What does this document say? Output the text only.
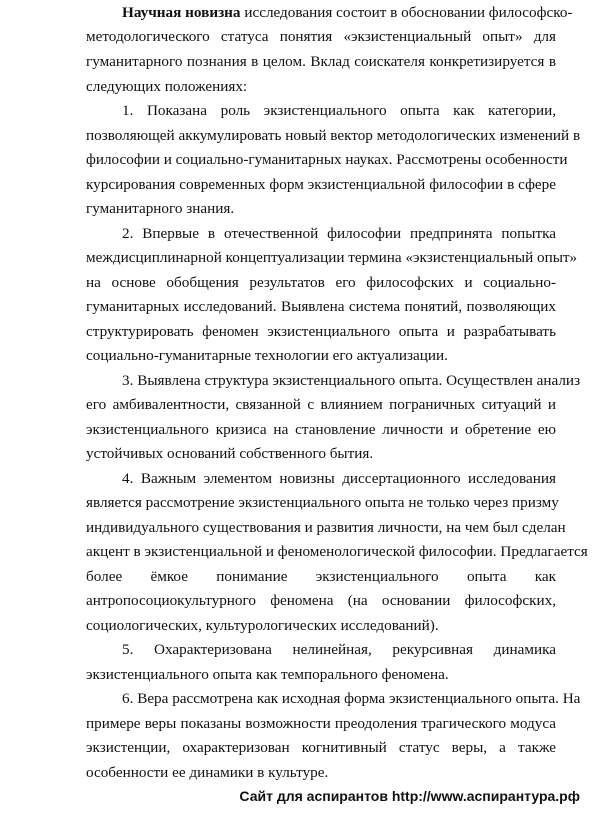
Научная новизна исследования состоит в обосновании философско-
методологического статуса понятия «экзистенциальный опыт» для
гуманитарного познания в целом. Вклад соискателя конкретизируется в
следующих положениях:
1. Показана роль экзистенциального опыта как категории,
позволяющей аккумулировать новый вектор методологических изменений в
философии и социально-гуманитарных науках. Рассмотрены особенности
курсирования современных форм экзистенциальной философии в сфере
гуманитарного знания.
2. Впервые в отечественной философии предпринята попытка
междисциплинарной концептуализации термина «экзистенциальный опыт»
на основе обобщения результатов его философских и социально-
гуманитарных исследований. Выявлена система понятий, позволяющих
структурировать феномен экзистенциального опыта и разрабатывать
социально-гуманитарные технологии его актуализации.
3. Выявлена структура экзистенциального опыта. Осуществлен анализ
его амбивалентности, связанной с влиянием пограничных ситуаций и
экзистенциального кризиса на становление личности и обретение ею
устойчивых оснований собственного бытия.
4. Важным элементом новизны диссертационного исследования
является рассмотрение экзистенциального опыта не только через призму
индивидуального существования и развития личности, на чем был сделан
акцент в экзистенциальной и феноменологической философии. Предлагается
более ёмкое понимание экзистенциального опыта как
антропосоциокультурного феномена (на основании философских,
социологических, культурологических исследований).
5. Охарактеризована нелинейная, рекурсивная динамика
экзистенциального опыта как темпорального феномена.
6. Вера рассмотрена как исходная форма экзистенциального опыта. На
примере веры показаны возможности преодоления трагического модуса
экзистенции, охарактеризован когнитивный статус веры, а также
особенности ее динамики в культуре.
Сайт для аспирантов http://www.аспирантура.рф
